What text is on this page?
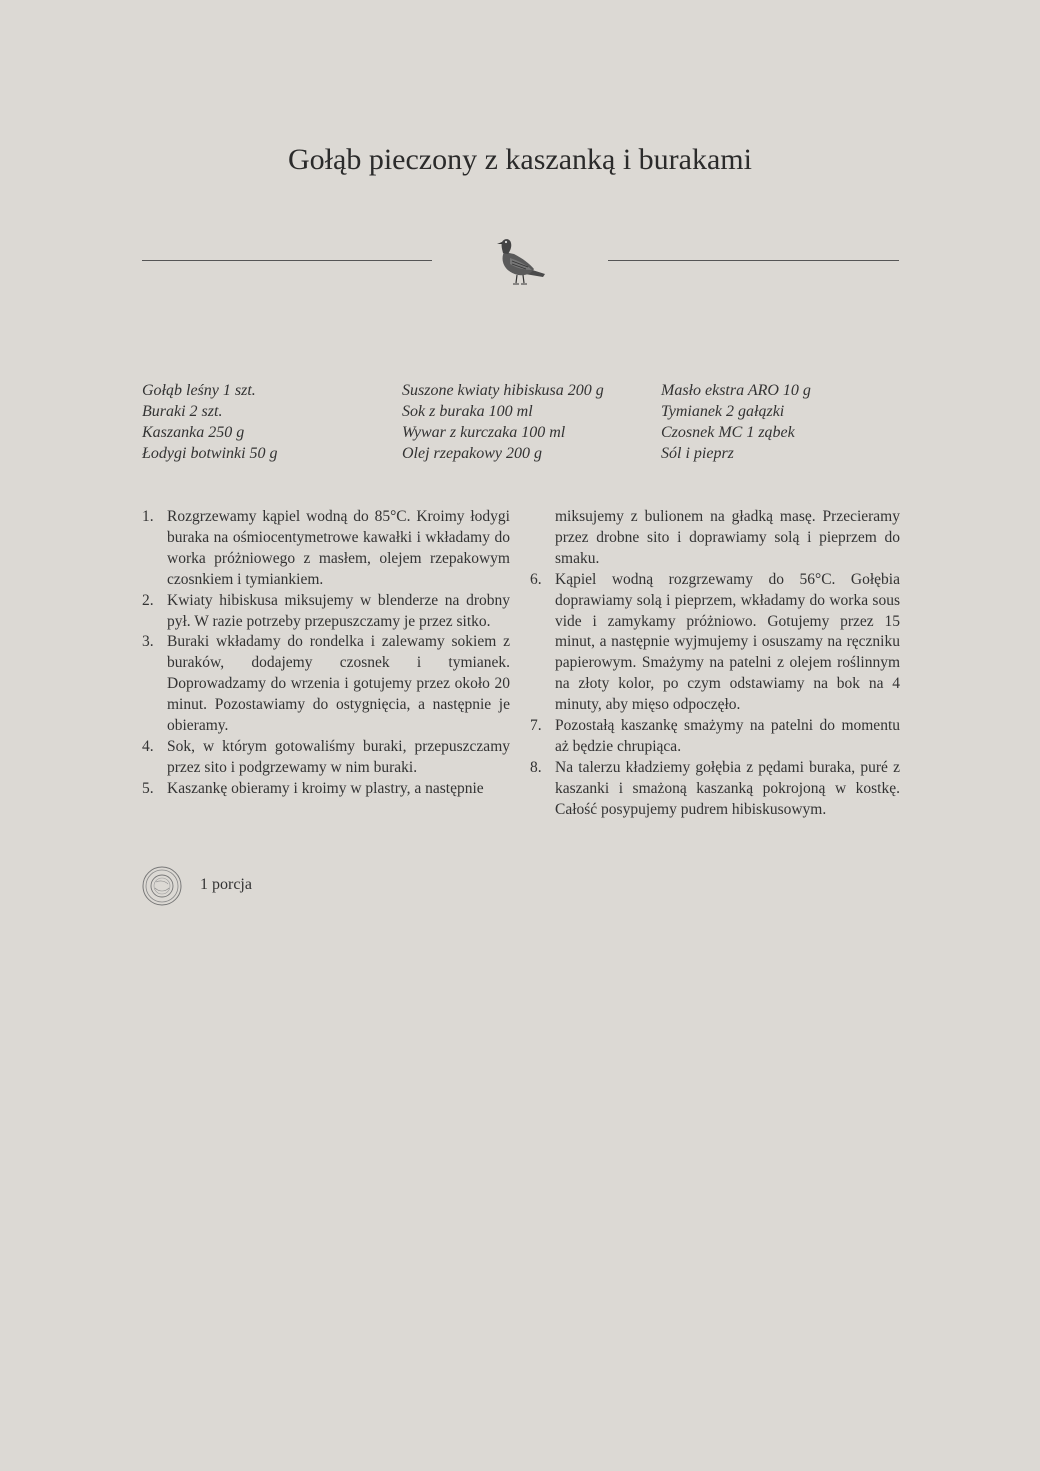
Gołąb pieczony z kaszanką i burakami
Gołąb leśny 1 szt.
Buraki 2 szt.
Kaszanka 250 g
Łodygi botwinki 50 g
Suszone kwiaty hibiskusa 200 g
Sok z buraka 100 ml
Wywar z kurczaka 100 ml
Olej rzepakowy 200 g
Masło ekstra ARO 10 g
Tymianek 2 gałązki
Czosnek MC 1 ząbek
Sól i pieprz
1. Rozgrzewamy kąpiel wodną do 85°C. Kroimy łodygi buraka na ośmiocentymetrowe kawałki i wkładamy do worka próżniowego z masłem, olejem rzepakowym czosnkiem i tymiankiem.
2. Kwiaty hibiskusa miksujemy w blenderze na drobny pył. W razie potrzeby przepuszczamy je przez sitko.
3. Buraki wkładamy do rondelka i zalewamy sokiem z buraków, dodajemy czosnek i tymianek. Doprowadzamy do wrzenia i gotujemy przez około 20 minut. Pozostawiamy do ostygnięcia, a następnie je obieramy.
4. Sok, w którym gotowaliśmy buraki, przepuszczamy przez sito i podgrzewamy w nim buraki.
5. Kaszankę obieramy i kroimy w plastry, a następnie
miksujemy z bulionem na gładką masę. Przecieramy przez drobne sito i doprawiamy solą i pieprzem do smaku.
6. Kąpiel wodną rozgrzewamy do 56°C. Gołębia doprawiamy solą i pieprzem, wkładamy do worka sous vide i zamykamy próżniowo. Gotujemy przez 15 minut, a następnie wyjmujemy i osuszamy na ręczniku papierowym. Smażymy na patelni z olejem roślinnym na złoty kolor, po czym odstawiamy na bok na 4 minuty, aby mięso odpoczęło.
7. Pozostałą kaszankę smażymy na patelni do momentu aż będzie chrupiąca.
8. Na talerzu kładziemy gołębia z pędami buraka, puré z kaszanki i smażoną kaszanką pokrojoną w kostkę. Całość posypujemy pudrem hibiskusowym.
1 porcja
